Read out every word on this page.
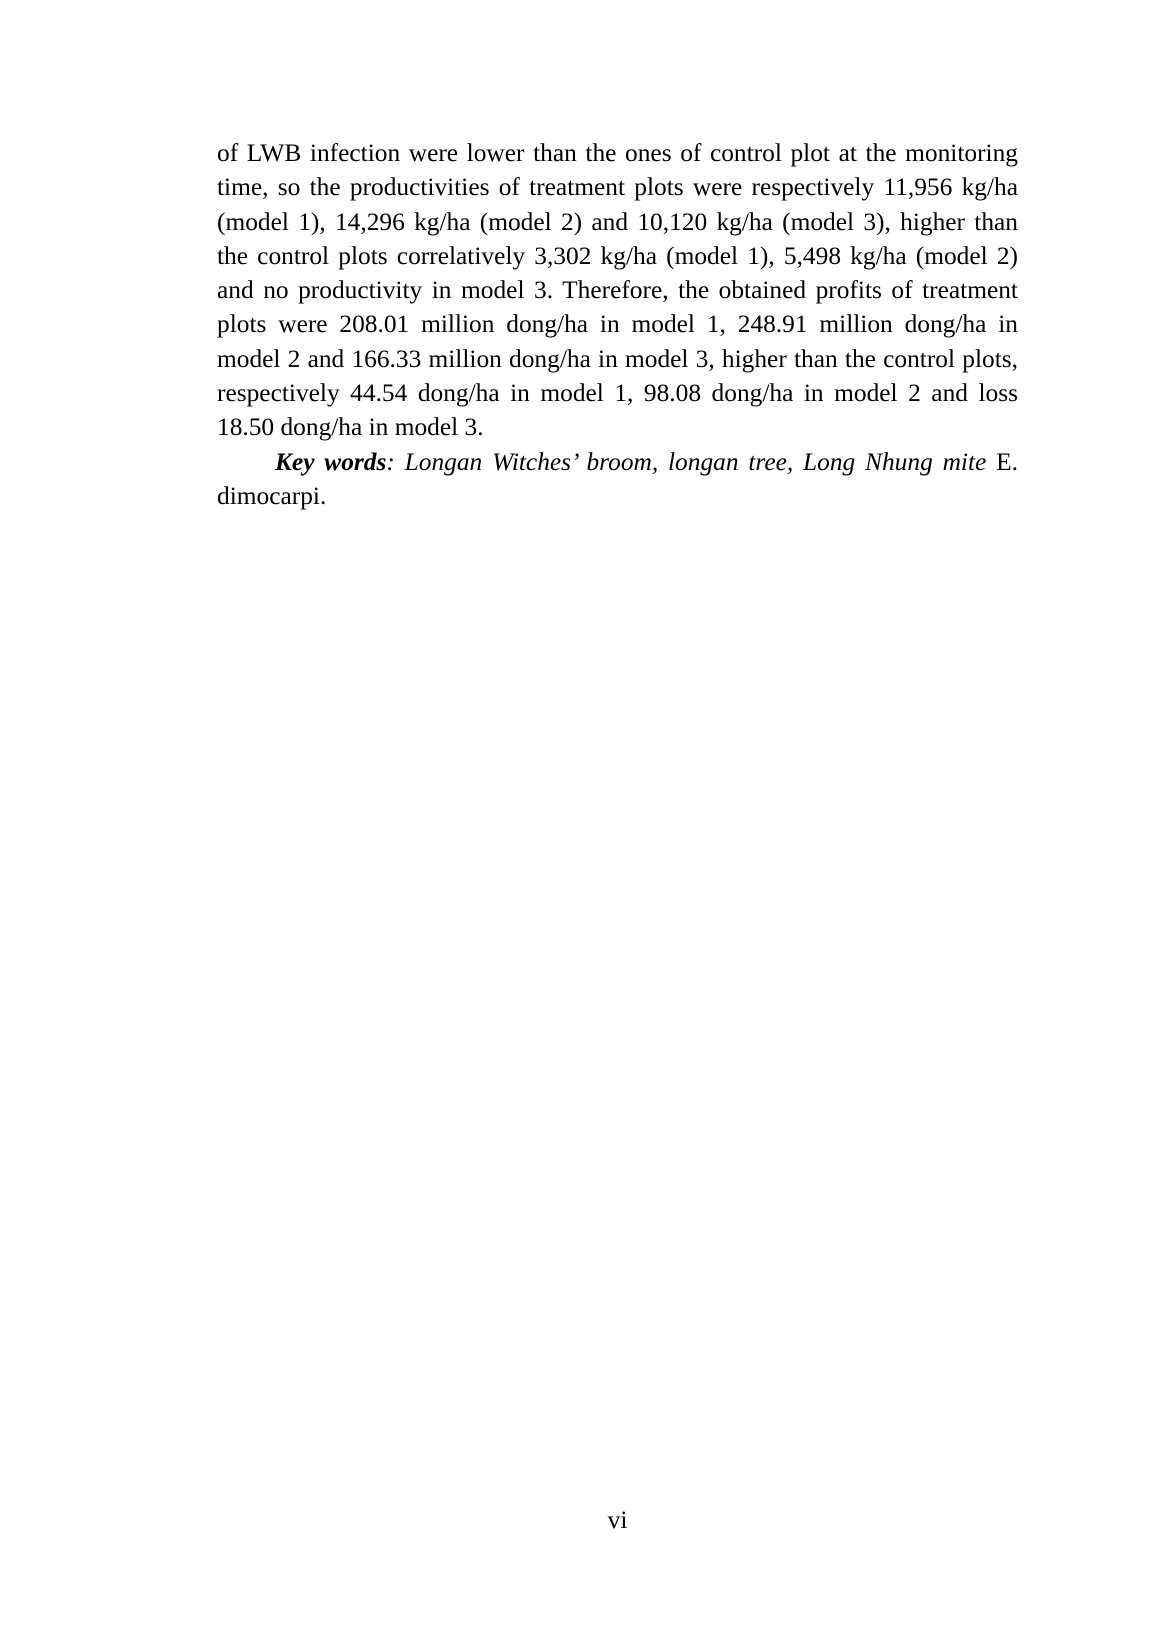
of LWB infection were lower than the ones of control plot at the monitoring
time, so the productivities of treatment plots were respectively 11,956 kg/ha
(model 1), 14,296 kg/ha (model 2) and 10,120 kg/ha (model 3), higher than
the control plots correlatively 3,302 kg/ha (model 1), 5,498 kg/ha (model 2)
and no productivity in model 3. Therefore, the obtained profits of treatment
plots were 208.01 million dong/ha in model 1, 248.91 million dong/ha in
model 2 and 166.33 million dong/ha in model 3, higher than the control plots,
respectively 44.54 dong/ha in model 1, 98.08 dong/ha in model 2 and loss
18.50 dong/ha in model 3.
Key words: Longan Witches’ broom, longan tree, Long Nhung mite E.
dimocarpi.
vi
